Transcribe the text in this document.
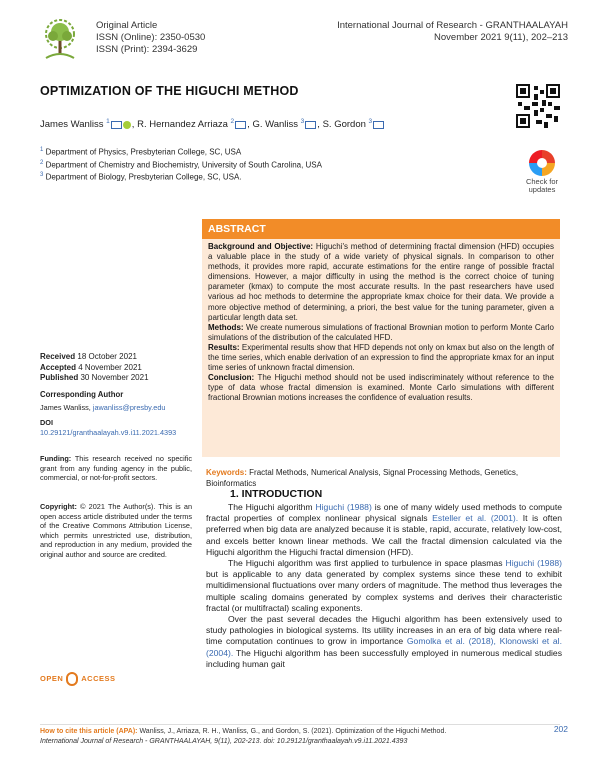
Original Article
ISSN (Online): 2350-0530
ISSN (Print): 2394-3629
International Journal of Research - GRANTHAALAYAH
November 2021 9(11), 202–213
OPTIMIZATION OF THE HIGUCHI METHOD
James Wanliss $^1$ , R. Hernandez Arriaza $^2$ , G. Wanliss $^3$ , S. Gordon $^3$
$^1$ Department of Physics, Presbyterian College, SC, USA
$^2$ Department of Chemistry and Biochemistry, University of South Carolina, USA
$^3$ Department of Biology, Presbyterian College, SC, USA.	Check for updates
ABSTRACT
Background and Objective: Higuchi's method of determining fractal dimension (HFD) occupies a valuable place in the study of a wide variety of physical signals. In comparison to other methods, it provides more rapid, accurate estimations for the entire range of possible fractal dimensions. However, a major difficulty in using the method is the correct choice of tuning parameter (kmax) to compute the most accurate results. In the past researchers have used various ad hoc methods to determine the appropriate kmax choice for their data. We provide a more objective method of determining, a priori, the best value for the tuning parameter, given a particular length data set.
Methods: We create numerous simulations of fractional Brownian motion to perform Monte Carlo simulations of the distribution of the calculated HFD.
Results: Experimental results show that HFD depends not only on kmax but also on the length of the time series, which enable derivation of an expression to find the appropriate kmax for an input time series of unknown fractal dimension.
Conclusion: The Higuchi method should not be used indiscriminately without reference to the type of data whose fractal dimension is examined. Monte Carlo simulations with different fractional Brownian motions increases the confidence of evaluation results.
Received 18 October 2021
Accepted 4 November 2021
Published 30 November 2021
Corresponding Author
James Wanliss, jawanliss@presby.edu
DOI
10.29121/granthaalayah.v9.i11.2021.4393
Funding: This research received no specific grant from any funding agency in the public, commercial, or not-for-profit sectors.
Copyright: © 2021 The Author(s). This is an open access article distributed under the terms of the Creative Commons Attribution License, which permits unrestricted use, distribution, and reproduction in any medium, provided the original author and source are credited.
OPEN ACCESS
Keywords: Fractal Methods, Numerical Analysis, Signal Processing Methods, Genetics, Bioinformatics
1. INTRODUCTION

The Higuchi algorithm Higuchi (1988) is one of many widely used methods to compute fractal properties of complex nonlinear physical signals Esteller et al. (2001). It is often preferred when big data are analyzed because it is stable, rapid, accurate, relatively low-cost, and excels better known linear methods. We call the fractal dimension calculated via the Higuchi algorithm the Higuchi fractal dimension (HFD).

The Higuchi algorithm was first applied to turbulence in space plasmas Higuchi (1988) but is applicable to any data generated by complex systems since these tend to exhibit multidimensional fluctuations over many orders of magnitude. The method thus leverages the multiple scaling domains generated by complex systems and derives their characteristic fractal (or multifractal) scaling exponents.

Over the past several decades the Higuchi algorithm has been extensively used to study pathologies in biological systems. Its utility increases in an era of big data where real-time computation continues to grow in importance Gomolka et al. (2018), Klonowski et al. (2004). The Higuchi algorithm has been successfully employed in numerous medical studies including human gait

How to cite this article (APA): Wanliss, J., Arriaza, R. H., Wanliss, G., and Gordon, S. (2021). Optimization of the Higuchi Method.
International Journal of Research - GRANTHAALAYAH, 9(11), 202-213. doi: 10.29121/granthaalayah.v9.i11.2021.4393
202
